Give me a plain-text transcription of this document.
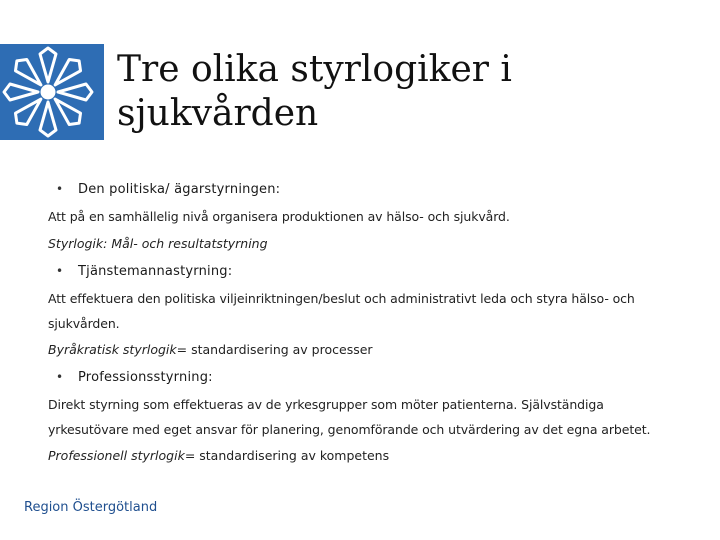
Tre olika styrlogiker i
sjukvården
• Den politiska/ ägarstyrningen:
Att på en samhällelig nivå organisera produktionen av hälso- och sjukvård.
Styrlogik: Mål- och resultatstyrning
• Tjänstemannastyrning:
Att effektuera den politiska viljeinriktningen/beslut och administrativt leda och styra hälso- och
sjukvården.
Byråkratisk styrlogik= standardisering av processer
• Professionsstyrning:
Direkt styrning som effektueras av de yrkesgrupper som möter patienterna. Självständiga
yrkesutövare med eget ansvar för planering, genomförande och utvärdering av det egna arbetet.
Professionell styrlogik= standardisering av kompetens
Region Östergötland
